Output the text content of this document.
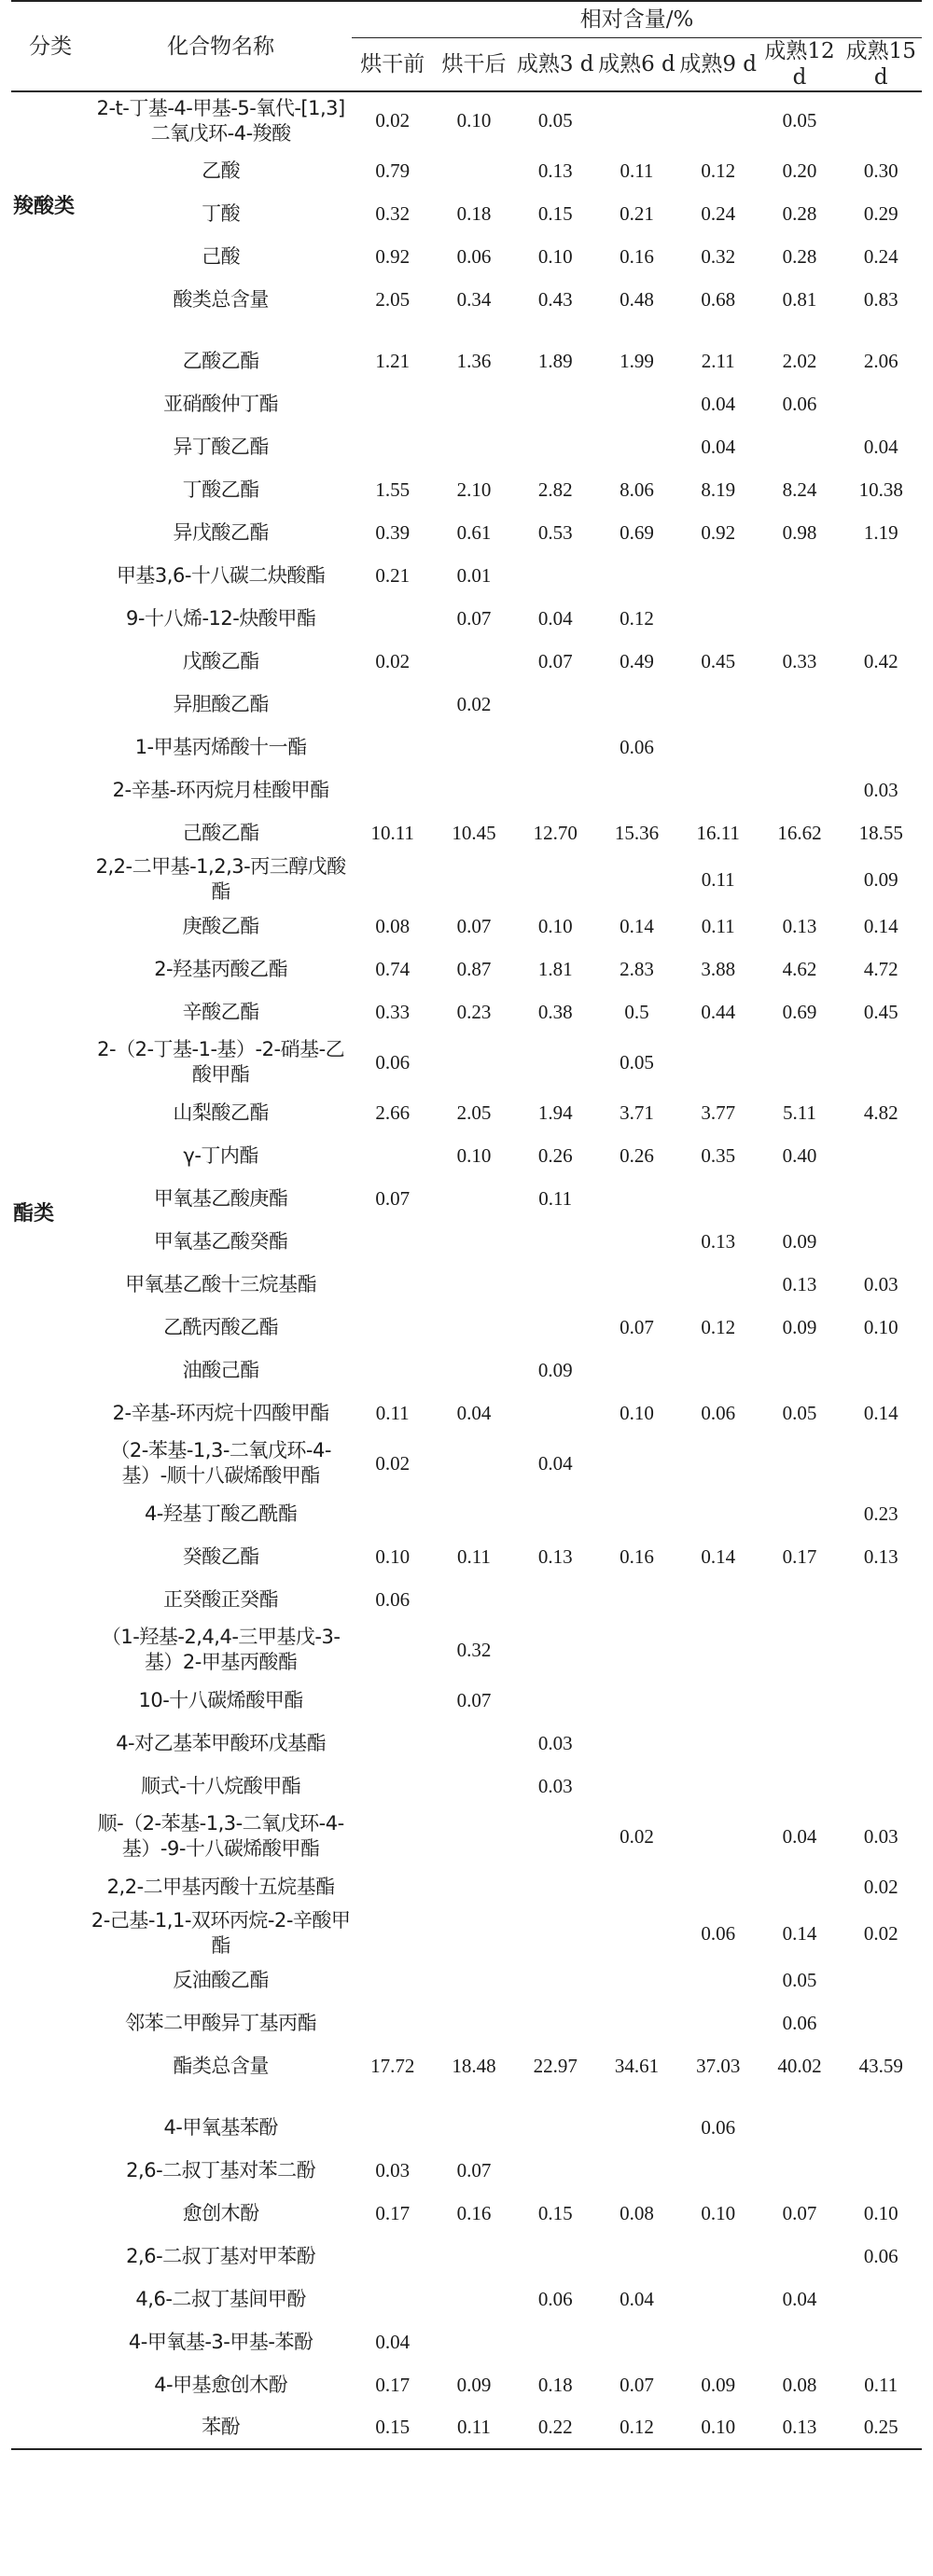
分类	化合物名称	相对含量/%						
		烘干前	烘干后	成熟3 d	成熟6 d	成熟9 d	成熟12 d	成熟15 d
羧酸类	2-t-丁基-4-甲基-5-氧代-[1,3]二氧戊环-4-羧酸	0.02	0.10	0.05			0.05	
	乙酸	0.79		0.13	0.11	0.12	0.20	0.30
	丁酸	0.32	0.18	0.15	0.21	0.24	0.28	0.29
	己酸	0.92	0.06	0.10	0.16	0.32	0.28	0.24
	酸类总含量	2.05	0.34	0.43	0.48	0.68	0.81	0.83

酯类	乙酸乙酯	1.21	1.36	1.89	1.99	2.11	2.02	2.06
	亚硝酸仲丁酯					0.04	0.06	
	异丁酸乙酯					0.04		0.04
	丁酸乙酯	1.55	2.10	2.82	8.06	8.19	8.24	10.38
	异戊酸乙酯	0.39	0.61	0.53	0.69	0.92	0.98	1.19
	甲基3,6-十八碳二炔酸酯	0.21	0.01					
	9-十八烯-12-炔酸甲酯		0.07	0.04	0.12			
	戊酸乙酯	0.02		0.07	0.49	0.45	0.33	0.42
	异胆酸乙酯		0.02					
	1-甲基丙烯酸十一酯				0.06			
	2-辛基-环丙烷月桂酸甲酯							0.03
	己酸乙酯	10.11	10.45	12.70	15.36	16.11	16.62	18.55
	2,2-二甲基-1,2,3-丙三醇戊酸酯					0.11		0.09
	庚酸乙酯	0.08	0.07	0.10	0.14	0.11	0.13	0.14
	2-羟基丙酸乙酯	0.74	0.87	1.81	2.83	3.88	4.62	4.72
	辛酸乙酯	0.33	0.23	0.38	0.5	0.44	0.69	0.45
	2-（2-丁基-1-基）-2-硝基-乙酸甲酯	0.06			0.05			
	山梨酸乙酯	2.66	2.05	1.94	3.71	3.77	5.11	4.82
	γ-丁内酯		0.10	0.26	0.26	0.35	0.40	
	甲氧基乙酸庚酯	0.07		0.11				
	甲氧基乙酸癸酯					0.13	0.09	
	甲氧基乙酸十三烷基酯						0.13	0.03
	乙酰丙酸乙酯				0.07	0.12	0.09	0.10
	油酸己酯			0.09				
	2-辛基-环丙烷十四酸甲酯	0.11	0.04		0.10	0.06	0.05	0.14
	（2-苯基-1,3-二氧戊环-4-基）-顺十八碳烯酸甲酯	0.02		0.04				
	4-羟基丁酸乙酰酯							0.23
	癸酸乙酯	0.10	0.11	0.13	0.16	0.14	0.17	0.13
	正癸酸正癸酯	0.06						
	（1-羟基-2,4,4-三甲基戊-3-基）2-甲基丙酸酯		0.32					
	10-十八碳烯酸甲酯		0.07					
	4-对乙基苯甲酸环戊基酯			0.03				
	顺式-十八烷酸甲酯			0.03				
	顺-（2-苯基-1,3-二氧戊环-4-基）-9-十八碳烯酸甲酯				0.02		0.04	0.03
	2,2-二甲基丙酸十五烷基酯							0.02
	2-己基-1,1-双环丙烷-2-辛酸甲酯					0.06	0.14	0.02
	反油酸乙酯						0.05	
	邻苯二甲酸异丁基丙酯						0.06	
	酯类总含量	17.72	18.48	22.97	34.61	37.03	40.02	43.59

	4-甲氧基苯酚					0.06		
	2,6-二叔丁基对苯二酚	0.03	0.07					
	愈创木酚	0.17	0.16	0.15	0.08	0.10	0.07	0.10
	2,6-二叔丁基对甲苯酚							0.06
	4,6-二叔丁基间甲酚			0.06	0.04		0.04	
	4-甲氧基-3-甲基-苯酚	0.04						
	4-甲基愈创木酚	0.17	0.09	0.18	0.07	0.09	0.08	0.11
	苯酚	0.15	0.11	0.22	0.12	0.10	0.13	0.25
